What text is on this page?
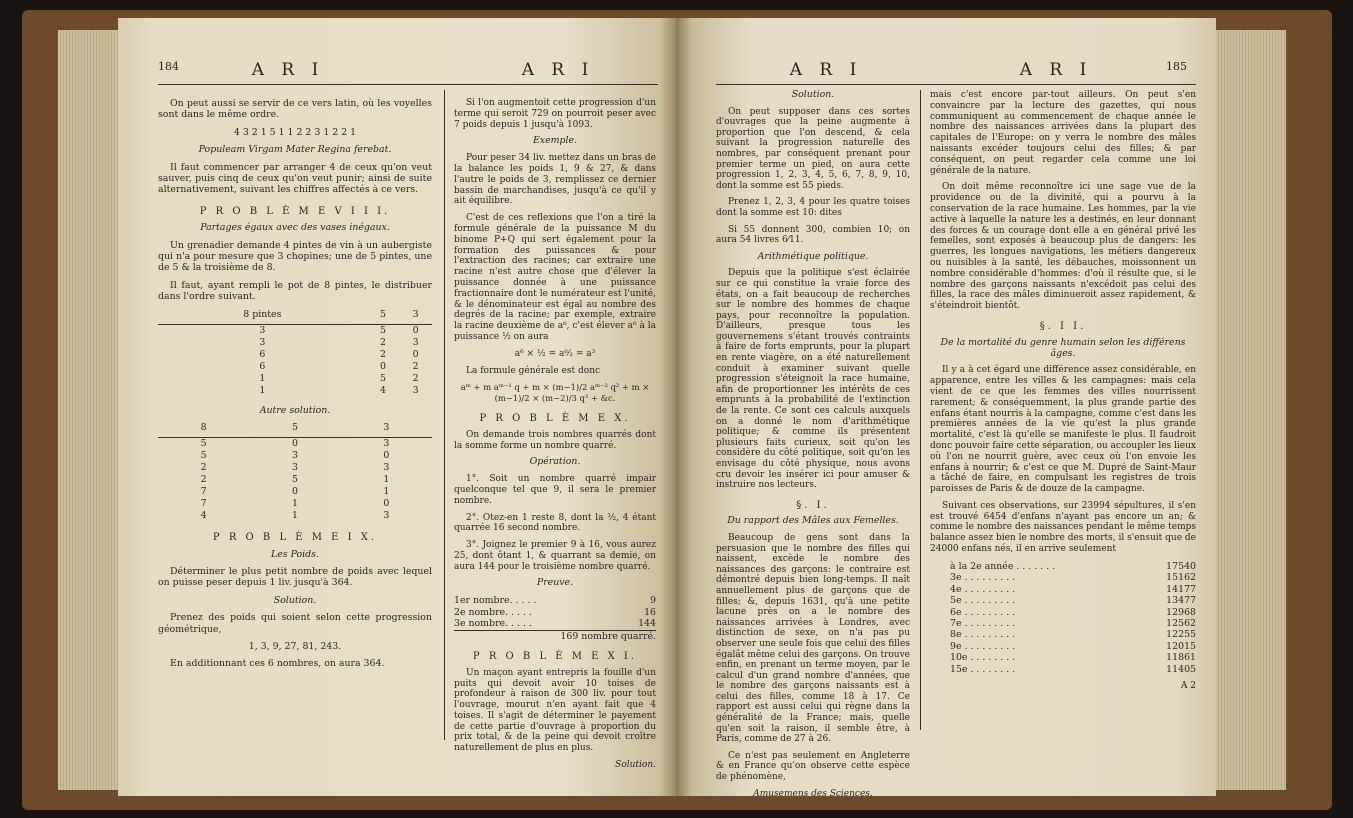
184	A R I	A R I

On peut aussi se servir de ce vers latin, où les voyelles sont dans le même ordre.

4 3 2 1 5 1 1 2 2 3 1 2 2 1

Populeam Virgam Mater Regina ferebat.

Il faut commencer par arranger 4 de ceux qu'on veut sauver, puis cinq de ceux qu'on veut punir; ainsi de suite alternativement, suivant les chiffres affectés à ce vers.

P R O B L È M E V I I I.
Partages égaux avec des vases inégaux.

Un grenadier demande 4 pintes de vin à un aubergiste qui n'a pour mesure que 3 chopines; une de 5 pintes, une de 5 & la troisième de 8.

Il faut, ayant rempli le pot de 8 pintes, le distribuer dans l'ordre suivant.

8 pintes	5	3
3	5	0
3	2	3
6	2	0
6	0	2
1	5	2
1	4	3
Autre solution.
8	5	3
5	0	3
5	3	0
2	3	3
2	5	1
7	0	1
7	1	0
4	1	3
P R O B L È M E I X.
Les Poids.

Déterminer le plus petit nombre de poids avec lequel on puisse peser depuis 1 liv. jusqu'à 364.

Solution.

Prenez des poids qui soient selon cette progression géométrique,

1, 3, 9, 27, 81, 243.

En additionnant ces 6 nombres, on aura 364.

Si l'on augmentoit cette progression d'un terme qui seroit 729 on pourroit peser avec 7 poids depuis 1 jusqu'à 1093.

Exemple.

Pour peser 34 liv. mettez dans un bras de la balance les poids 1, 9 & 27, & dans l'autre le poids de 3, remplissez ce dernier bassin de marchandises, jusqu'à ce qu'il y ait équilibre.

C'est de ces reflexions que l'on a tiré la formule générale de la puissance M du binome P+Q qui sert également pour la formation des puissances & pour l'extraction des racines; car extraire une racine n'est autre chose que d'élever la puissance donnée à une puissance fractionnaire dont le numérateur est l'unité, & le dénominateur est égal au nombre des degrés de la racine; par exemple, extraire la racine deuxième de a⁶, c'est élever a⁶ à la puissance ½ on aura

a⁶ × ½ = a⁶⁄₂ = a³

La formule générale est donc

aᵐ + m aᵐ⁻¹ q + m × (m−1)/2 aᵐ⁻² q² + m × (m−1)/2 × (m−2)/3 q³ + &c.

P R O B L È M E X.

On demande trois nombres quarrés dont la somme forme un nombre quarré.

Opération.

1°. Soit un nombre quarré impair quelconque tel que 9, il sera le premier nombre.

2°. Otez-en 1 reste 8, dont la ½, 4 étant quarrée 16 second nombre.

3°. Joignez le premier 9 à 16, vous aurez 25, dont ôtant 1, & quarrant sa demie, on aura 144 pour le troisième nombre quarré.

Preuve.
1er nombre. . . . .	9
2e nombre. . . . .	16
3e nombre. . . . .	144
169 nombre quarré.
P R O B L È M E X I.

Un maçon ayant entrepris la fouille d'un puits qui devoit avoir 10 toises de profondeur à raison de 300 liv. pour tout l'ouvrage, mourut n'en ayant fait que 4 toises. Il s'agit de déterminer le payement de cette partie d'ouvrage à proportion du prix total, & de la peine qui devoit croître naturellement de plus en plus.

Solution.

A R I	A R I	185
Solution.

On peut supposer dans ces sortes d'ouvrages que la peine augmente à proportion que l'on descend, & cela suivant la progression naturelle des nombres, par conséquent prenant pour premier terme un pied, on aura cette progression 1, 2, 3, 4, 5, 6, 7, 8, 9, 10, dont la somme est 55 pieds.

Prenez 1, 2, 3, 4 pour les quatre toises dont la somme est 10: dites

Si 55 donnent 300, combien 10; on aura 54 livres 6⁄11.

Arithmétique politique.

Depuis que la politique s'est éclairée sur ce qui constitue la vraie force des états, on a fait beaucoup de recherches sur le nombre des hommes de chaque pays, pour reconnoître la population. D'ailleurs, presque tous les gouvernemens s'étant trouvés contraints à faire de forts emprunts, pour la plupart en rente viagère, on a été naturellement conduit à examiner suivant quelle progression s'éteignoit la race humaine, afin de proportionner les intérêts de ces emprunts à la probabilité de l'extinction de la rente. Ce sont ces calculs auxquels on a donné le nom d'arithmétique politique; & comme ils présentent plusieurs faits curieux, soit qu'on les considère du côté politique, soit qu'on les envisage du côté physique, nous avons cru devoir les insérer ici pour amuser & instruire nos lecteurs.

§. I.
Du rapport des Mâles aux Femelles.

Beaucoup de gens sont dans la persuasion que le nombre des filles qui naissent, excède le nombre des naissances des garçons: le contraire est démontré depuis bien long-temps. Il naît annuellement plus de garçons que de filles; &, depuis 1631, qu'à une petite lacune près on a le nombre des naissances arrivées à Londres, avec distinction de sexe, on n'a pas pu observer une seule fois que celui des filles égalât même celui des garçons. On trouve enfin, en prenant un terme moyen, par le calcul d'un grand nombre d'années, que le nombre des garçons naissants est à celui des filles, comme 18 à 17. Ce rapport est aussi celui qui règne dans la généralité de la France; mais, quelle qu'en soit la raison, il semble être, à Paris, comme de 27 à 26.

Ce n'est pas seulement en Angleterre & en France qu'on observe cette espèce de phénomène,

Amusemens des Sciences.

mais c'est encore par-tout ailleurs. On peut s'en convaincre par la lecture des gazettes, qui nous communiquent au commencement de chaque année le nombre des naissances arrivées dans la plupart des capitales de l'Europe: on y verra le nombre des mâles naissants excéder toujours celui des filles; & par conséquent, on peut regarder cela comme une loi générale de la nature.

On doit même reconnoître ici une sage vue de la providence ou de la divinité, qui a pourvu à la conservation de la race humaine. Les hommes, par la vie active à laquelle la nature les a destinés, en leur donnant des forces & un courage dont elle a en général privé les femelles, sont exposés à beaucoup plus de dangers: les guerres, les longues navigations, les métiers dangereux ou nuisibles à la santé, les débauches, moissonnent un nombre considérable d'hommes: d'où il résulte que, si le nombre des garçons naissants n'excédoit pas celui des filles, la race des mâles diminueroit assez rapidement, & s'éteindroit bientôt.

§. I I.
De la mortalité du genre humain selon les différens âges.

Il y a à cet égard une différence assez considérable, en apparence, entre les villes & les campagnes: mais cela vient de ce que les femmes des villes nourrissent rarement; & conséquemment, la plus grande partie des enfans étant nourris à la campagne, comme c'est dans les premières années de la vie qu'est la plus grande mortalité, c'est là qu'elle se manifeste le plus. Il faudroit donc pouvoir faire cette séparation, ou accoupler les lieux où l'on ne nourrit guère, avec ceux où l'on envoie les enfans à nourrir; & c'est ce que M. Dupré de Saint-Maur a tâché de faire, en compulsant les registres de trois paroisses de Paris & de douze de la campagne.

Suivant ces observations, sur 23994 sépultures, il s'en est trouvé 6454 d'enfans n'ayant pas encore un an; & comme le nombre des naissances pendant le même temps balance assez bien le nombre des morts, il s'ensuit que de 24000 enfans nés, il en arrive seulement

à la 2e année . . . . . . .	17540
3e . . . . . . . . .	15162
4e . . . . . . . . .	14177
5e . . . . . . . . .	13477
6e . . . . . . . . .	12968
7e . . . . . . . . .	12562
8e . . . . . . . . .	12255
9e . . . . . . . . .	12015
10e . . . . . . . .	11861
15e . . . . . . . .	11405

A 2
